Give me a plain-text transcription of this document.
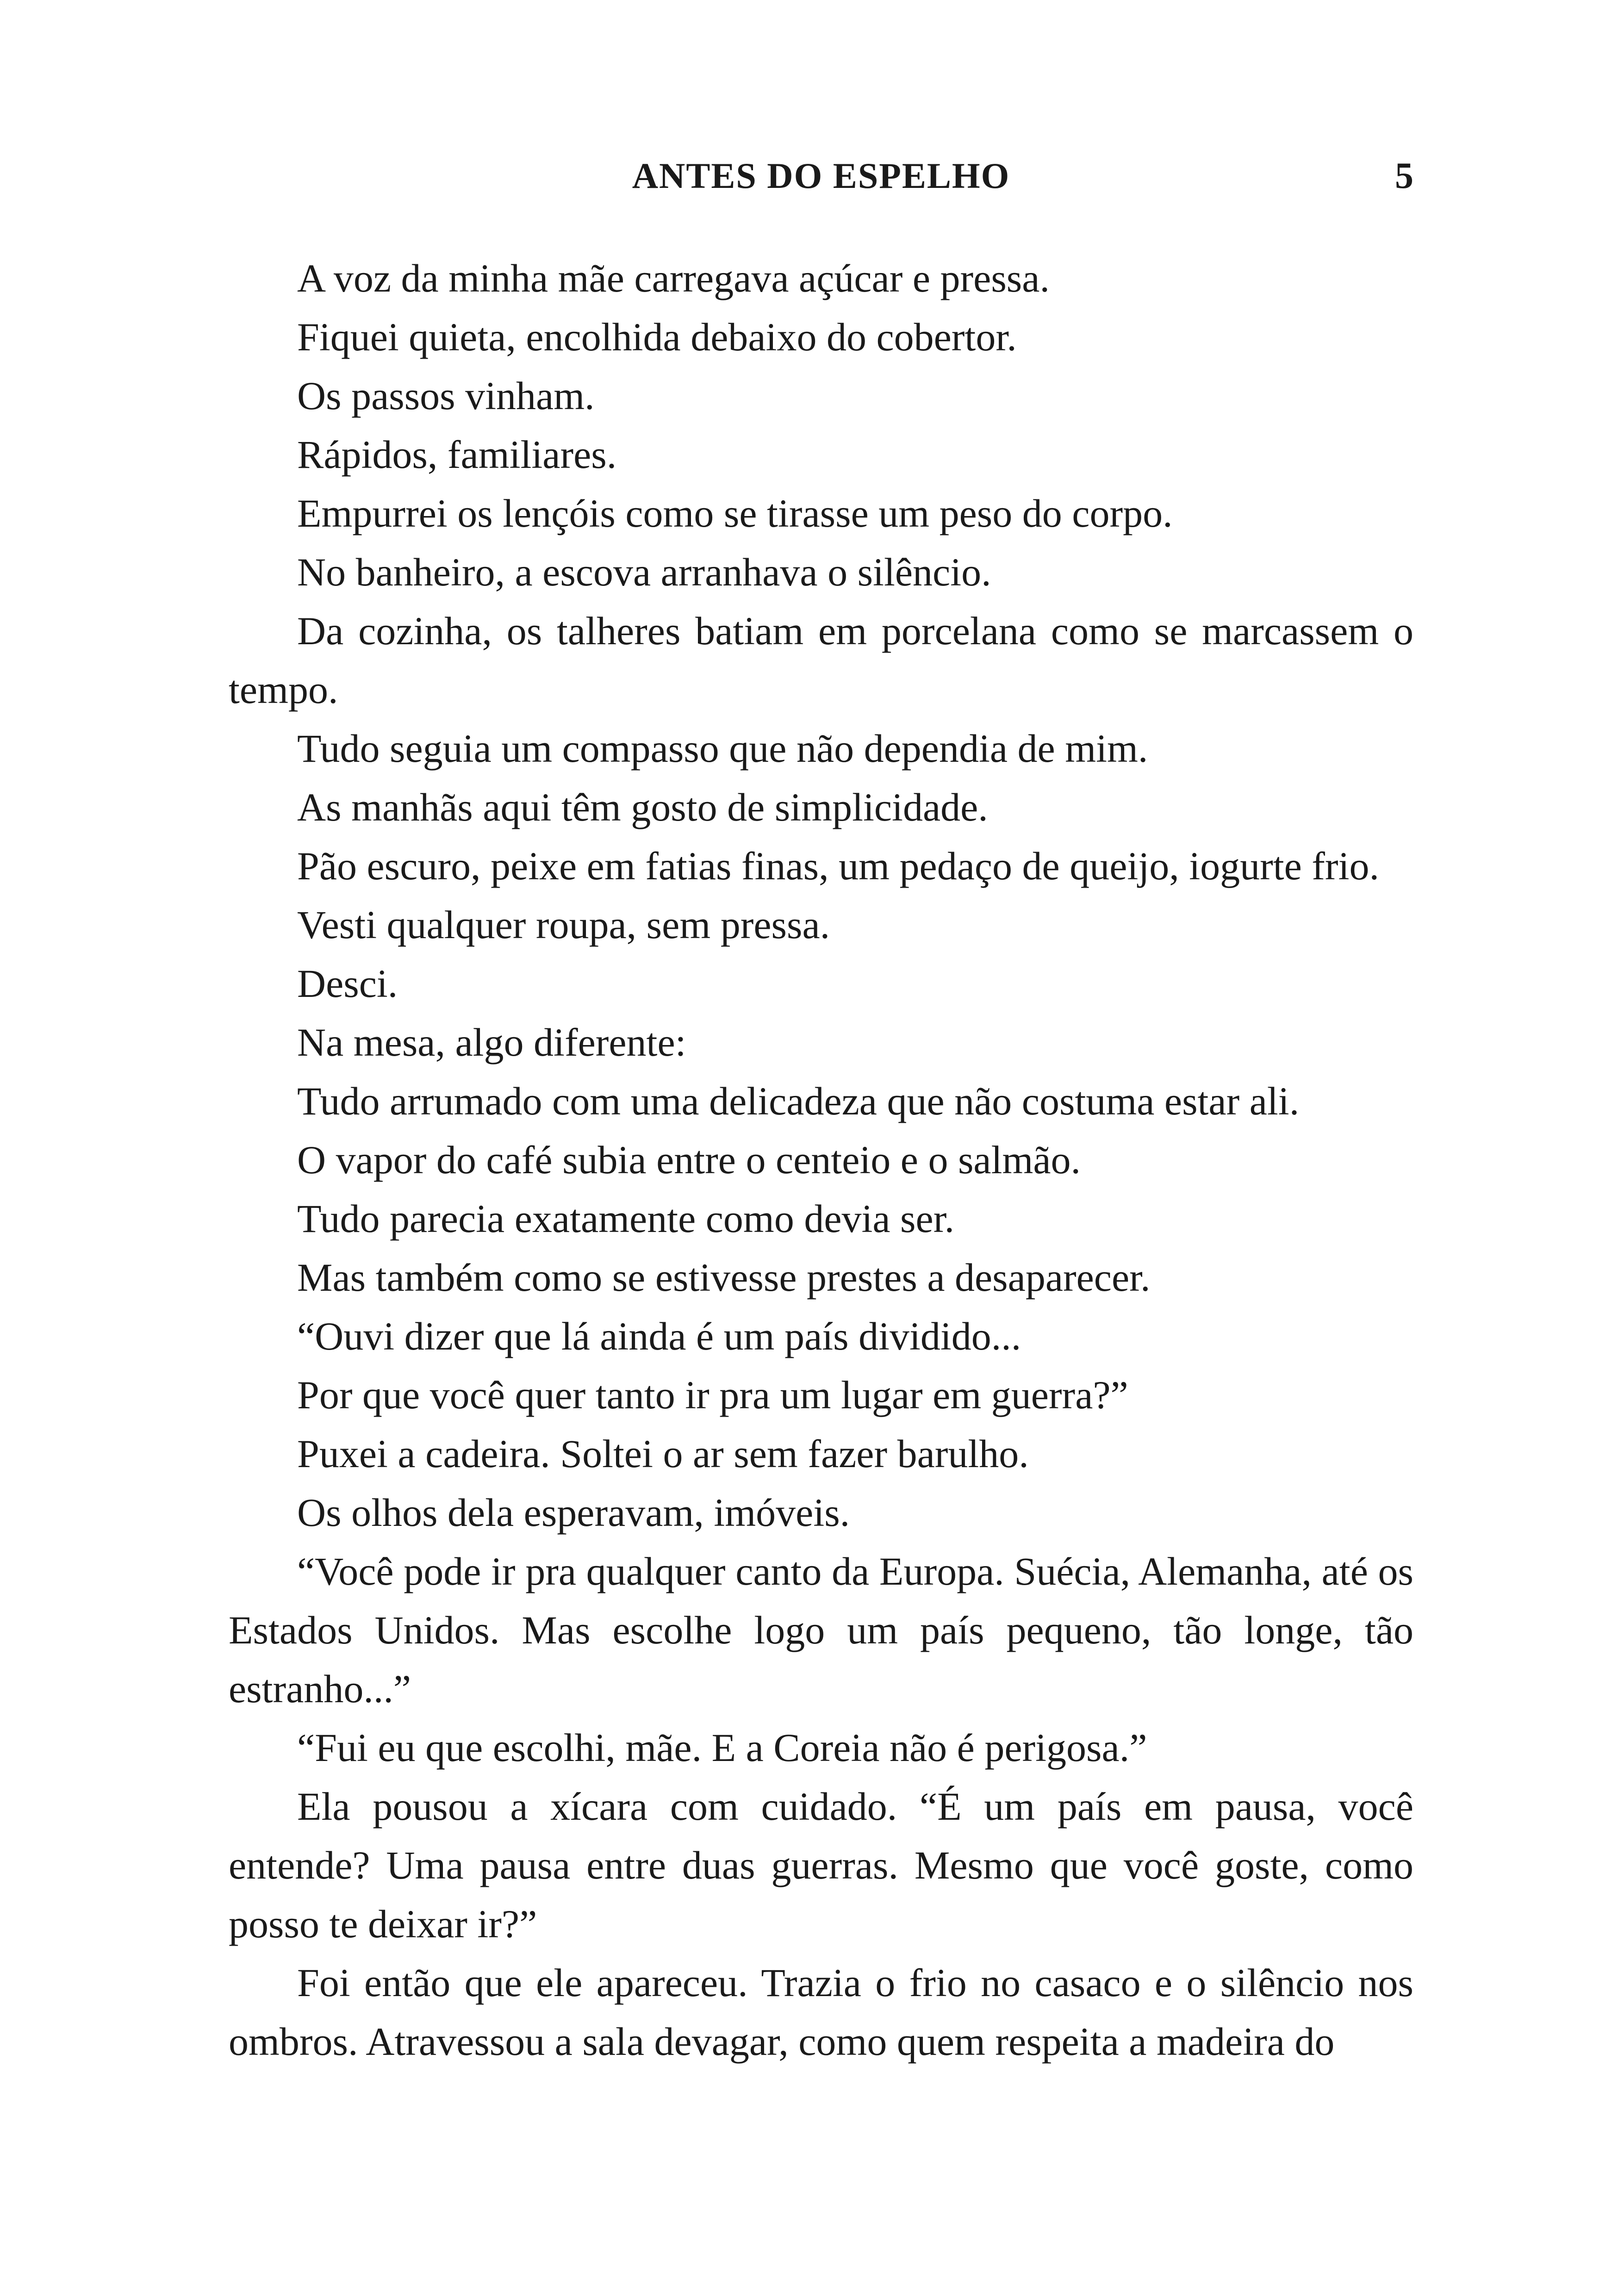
ANTES DO ESPELHO	5

A voz da minha mãe carregava açúcar e pressa.

Fiquei quieta, encolhida debaixo do cobertor.

Os passos vinham.

Rápidos, familiares.

Empurrei os lençóis como se tirasse um peso do corpo.

No banheiro, a escova arranhava o silêncio.

Da cozinha, os talheres batiam em porcelana como se marcassem o tempo.

Tudo seguia um compasso que não dependia de mim.

As manhãs aqui têm gosto de simplicidade.

Pão escuro, peixe em fatias finas, um pedaço de queijo, iogurte frio.

Vesti qualquer roupa, sem pressa.

Desci.

Na mesa, algo diferente:

Tudo arrumado com uma delicadeza que não costuma estar ali.

O vapor do café subia entre o centeio e o salmão.

Tudo parecia exatamente como devia ser.

Mas também como se estivesse prestes a desaparecer.

“Ouvi dizer que lá ainda é um país dividido...

Por que você quer tanto ir pra um lugar em guerra?”

Puxei a cadeira. Soltei o ar sem fazer barulho.

Os olhos dela esperavam, imóveis.

“Você pode ir pra qualquer canto da Europa. Suécia, Alemanha, até os Estados Unidos. Mas escolhe logo um país pequeno, tão longe, tão estranho...”

“Fui eu que escolhi, mãe. E a Coreia não é perigosa.”

Ela pousou a xícara com cuidado. “É um país em pausa, você entende? Uma pausa entre duas guerras. Mesmo que você goste, como posso te deixar ir?”

Foi então que ele apareceu. Trazia o frio no casaco e o silêncio nos ombros. Atravessou a sala devagar, como quem respeita a madeira do
